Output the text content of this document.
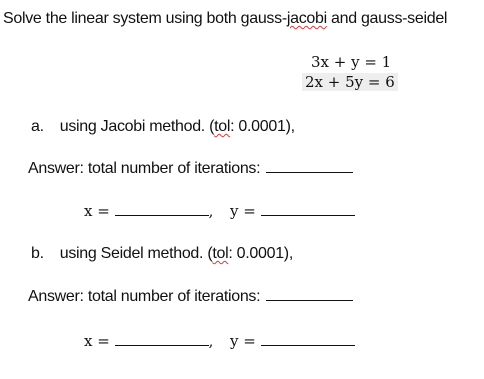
Solve the linear system using both gauss-jacobi and gauss-seidel
3x + y = 1
2x + 5y = 6
a. using Jacobi method. (tol: 0.0001),
Answer: total number of iterations:
x =	, y =
b. using Seidel method. (tol: 0.0001),
Answer: total number of iterations:
x =	, y =
